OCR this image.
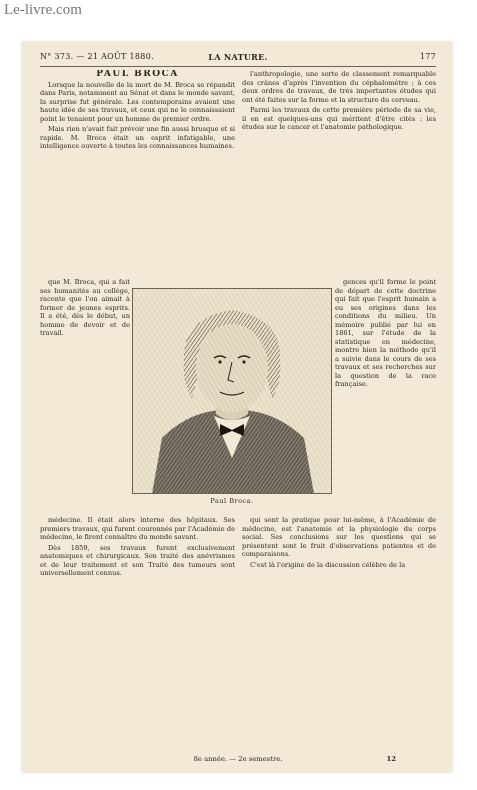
Le-livre.com
N° 373. — 21 AOÛT 1880.	LA NATURE.	177

PAUL BROCA

Lorsque la nouvelle de la mort de M. Broca se répandit dans Paris, notamment au Sénat et dans le monde savant, la surprise fut générale. Les contemporains avaient une haute idée de ses travaux, et ceux qui ne le connaissaient point le tenaient pour un homme de premier ordre.

Mais rien n'avait fait prévoir une fin aussi brusque et si rapide. M. Broca était un esprit infatigable, une intelligence ouverte à toutes les connaissances humaines.

l'anthropologie, une sorte de classement remarquable des crânes d'après l'invention du céphalomètre ; à ces deux ordres de travaux, de très importantes études qui ont été faites sur la forme et la structure du cerveau.

Parmi les travaux de cette première période de sa vie, il en est quelques-uns qui méritent d'être cités : les études sur le cancer et l'anatomie pathologique.

que M. Broca, qui a fait ses humanités au collège, raconte que l'on aimait à former de jeunes esprits. Il a été, dès le début, un homme de devoir et de travail.

Paul Broca.

gences qu'il forme le point de départ de cette doctrine qui fait que l'esprit humain a eu ses origines dans les conditions du milieu. Un mémoire publié par lui en 1861, sur l'étude de la statistique en médecine, montre bien la méthode qu'il a suivie dans le cours de ses travaux et ses recherches sur la question de la race française.

médecine. Il était alors interne des hôpitaux. Ses premiers travaux, qui furent couronnés par l'Académie de médecine, le firent connaître du monde savant.

Dès 1859, ses travaux furent exclusivement anatomiques et chirurgicaux. Son traité des anévrismes et de leur traitement et son Traité des tumeurs sont universellement connus.

qui sont la pratique pour lui-même, à l'Académie de médecine, est l'anatomie et la physiologie du corps social. Ses conclusions sur les questions qui se présentent sont le fruit d'observations patientes et de comparaisons.

C'est là l'origine de la discussion célèbre de la

8e année. — 2e semestre.	12
